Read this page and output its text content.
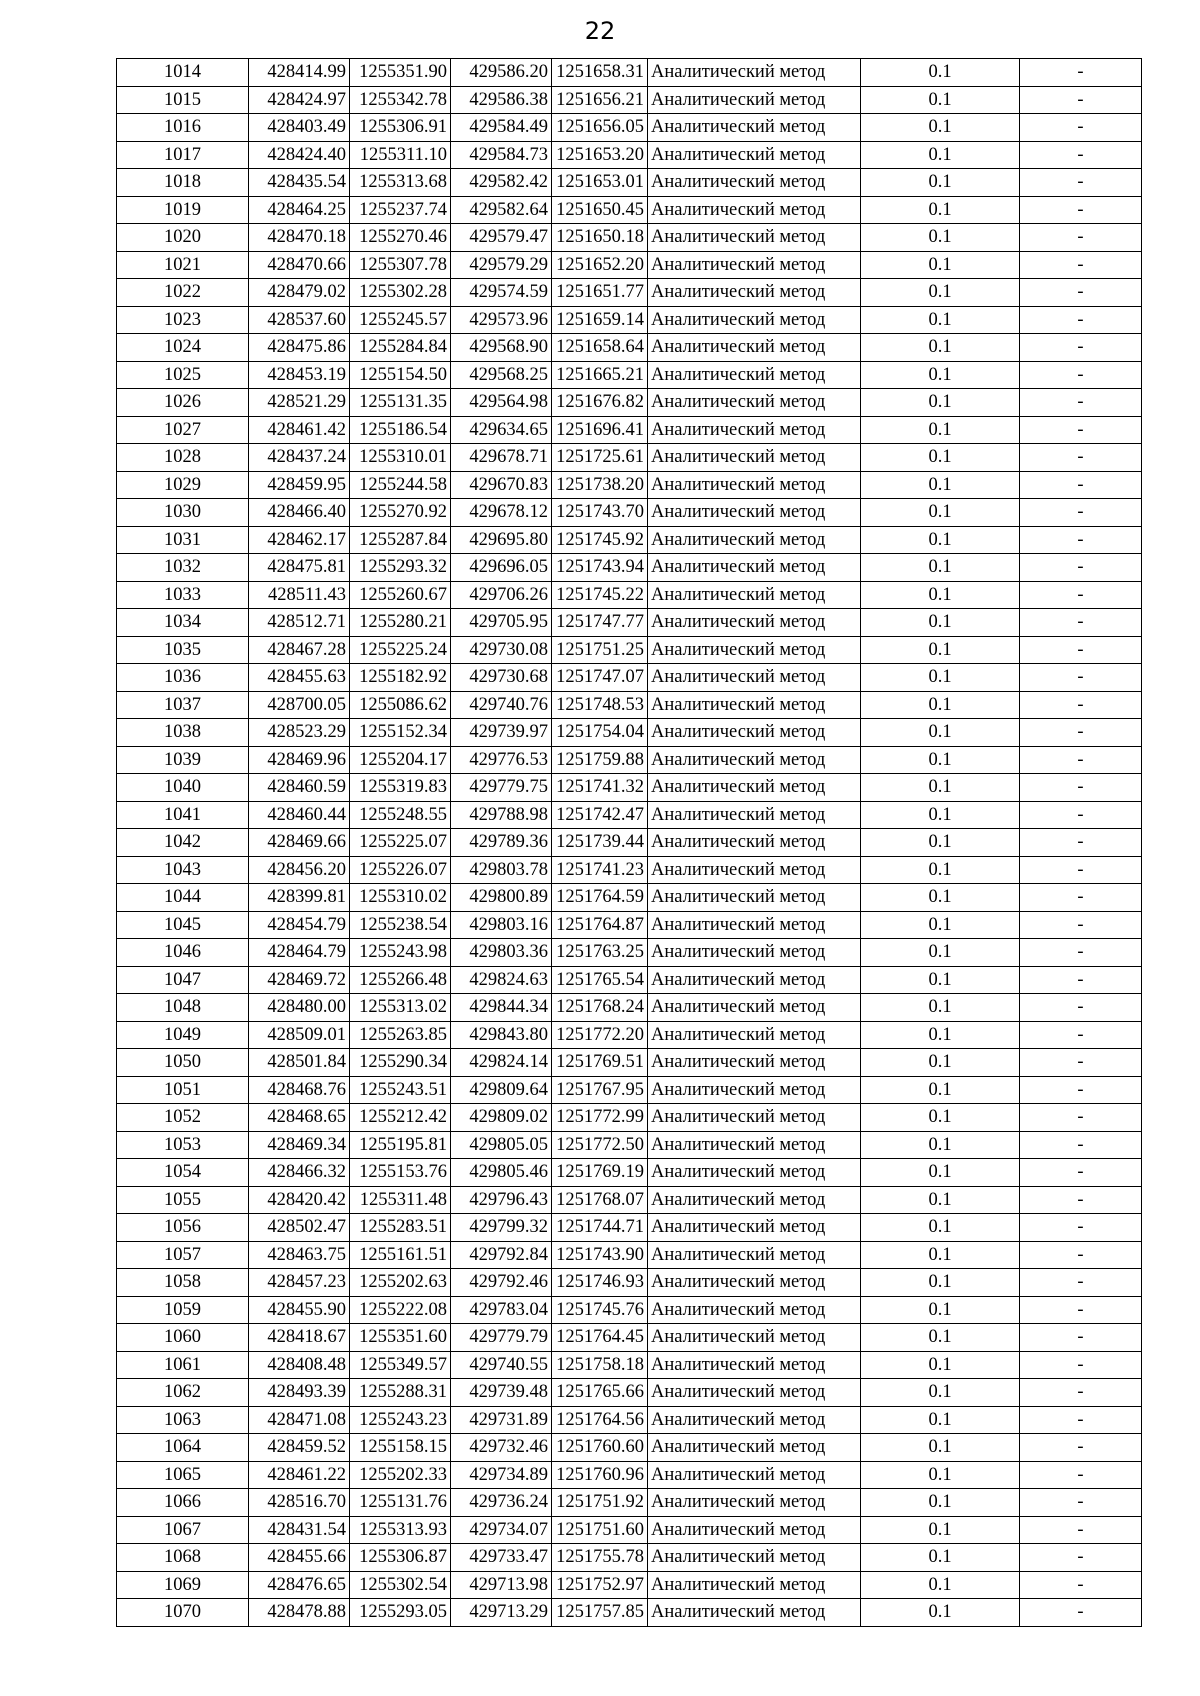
22
1014	428414.99	1255351.90	429586.20	1251658.31	Аналитический метод	0.1	-
1015	428424.97	1255342.78	429586.38	1251656.21	Аналитический метод	0.1	-
1016	428403.49	1255306.91	429584.49	1251656.05	Аналитический метод	0.1	-
1017	428424.40	1255311.10	429584.73	1251653.20	Аналитический метод	0.1	-
1018	428435.54	1255313.68	429582.42	1251653.01	Аналитический метод	0.1	-
1019	428464.25	1255237.74	429582.64	1251650.45	Аналитический метод	0.1	-
1020	428470.18	1255270.46	429579.47	1251650.18	Аналитический метод	0.1	-
1021	428470.66	1255307.78	429579.29	1251652.20	Аналитический метод	0.1	-
1022	428479.02	1255302.28	429574.59	1251651.77	Аналитический метод	0.1	-
1023	428537.60	1255245.57	429573.96	1251659.14	Аналитический метод	0.1	-
1024	428475.86	1255284.84	429568.90	1251658.64	Аналитический метод	0.1	-
1025	428453.19	1255154.50	429568.25	1251665.21	Аналитический метод	0.1	-
1026	428521.29	1255131.35	429564.98	1251676.82	Аналитический метод	0.1	-
1027	428461.42	1255186.54	429634.65	1251696.41	Аналитический метод	0.1	-
1028	428437.24	1255310.01	429678.71	1251725.61	Аналитический метод	0.1	-
1029	428459.95	1255244.58	429670.83	1251738.20	Аналитический метод	0.1	-
1030	428466.40	1255270.92	429678.12	1251743.70	Аналитический метод	0.1	-
1031	428462.17	1255287.84	429695.80	1251745.92	Аналитический метод	0.1	-
1032	428475.81	1255293.32	429696.05	1251743.94	Аналитический метод	0.1	-
1033	428511.43	1255260.67	429706.26	1251745.22	Аналитический метод	0.1	-
1034	428512.71	1255280.21	429705.95	1251747.77	Аналитический метод	0.1	-
1035	428467.28	1255225.24	429730.08	1251751.25	Аналитический метод	0.1	-
1036	428455.63	1255182.92	429730.68	1251747.07	Аналитический метод	0.1	-
1037	428700.05	1255086.62	429740.76	1251748.53	Аналитический метод	0.1	-
1038	428523.29	1255152.34	429739.97	1251754.04	Аналитический метод	0.1	-
1039	428469.96	1255204.17	429776.53	1251759.88	Аналитический метод	0.1	-
1040	428460.59	1255319.83	429779.75	1251741.32	Аналитический метод	0.1	-
1041	428460.44	1255248.55	429788.98	1251742.47	Аналитический метод	0.1	-
1042	428469.66	1255225.07	429789.36	1251739.44	Аналитический метод	0.1	-
1043	428456.20	1255226.07	429803.78	1251741.23	Аналитический метод	0.1	-
1044	428399.81	1255310.02	429800.89	1251764.59	Аналитический метод	0.1	-
1045	428454.79	1255238.54	429803.16	1251764.87	Аналитический метод	0.1	-
1046	428464.79	1255243.98	429803.36	1251763.25	Аналитический метод	0.1	-
1047	428469.72	1255266.48	429824.63	1251765.54	Аналитический метод	0.1	-
1048	428480.00	1255313.02	429844.34	1251768.24	Аналитический метод	0.1	-
1049	428509.01	1255263.85	429843.80	1251772.20	Аналитический метод	0.1	-
1050	428501.84	1255290.34	429824.14	1251769.51	Аналитический метод	0.1	-
1051	428468.76	1255243.51	429809.64	1251767.95	Аналитический метод	0.1	-
1052	428468.65	1255212.42	429809.02	1251772.99	Аналитический метод	0.1	-
1053	428469.34	1255195.81	429805.05	1251772.50	Аналитический метод	0.1	-
1054	428466.32	1255153.76	429805.46	1251769.19	Аналитический метод	0.1	-
1055	428420.42	1255311.48	429796.43	1251768.07	Аналитический метод	0.1	-
1056	428502.47	1255283.51	429799.32	1251744.71	Аналитический метод	0.1	-
1057	428463.75	1255161.51	429792.84	1251743.90	Аналитический метод	0.1	-
1058	428457.23	1255202.63	429792.46	1251746.93	Аналитический метод	0.1	-
1059	428455.90	1255222.08	429783.04	1251745.76	Аналитический метод	0.1	-
1060	428418.67	1255351.60	429779.79	1251764.45	Аналитический метод	0.1	-
1061	428408.48	1255349.57	429740.55	1251758.18	Аналитический метод	0.1	-
1062	428493.39	1255288.31	429739.48	1251765.66	Аналитический метод	0.1	-
1063	428471.08	1255243.23	429731.89	1251764.56	Аналитический метод	0.1	-
1064	428459.52	1255158.15	429732.46	1251760.60	Аналитический метод	0.1	-
1065	428461.22	1255202.33	429734.89	1251760.96	Аналитический метод	0.1	-
1066	428516.70	1255131.76	429736.24	1251751.92	Аналитический метод	0.1	-
1067	428431.54	1255313.93	429734.07	1251751.60	Аналитический метод	0.1	-
1068	428455.66	1255306.87	429733.47	1251755.78	Аналитический метод	0.1	-
1069	428476.65	1255302.54	429713.98	1251752.97	Аналитический метод	0.1	-
1070	428478.88	1255293.05	429713.29	1251757.85	Аналитический метод	0.1	-
